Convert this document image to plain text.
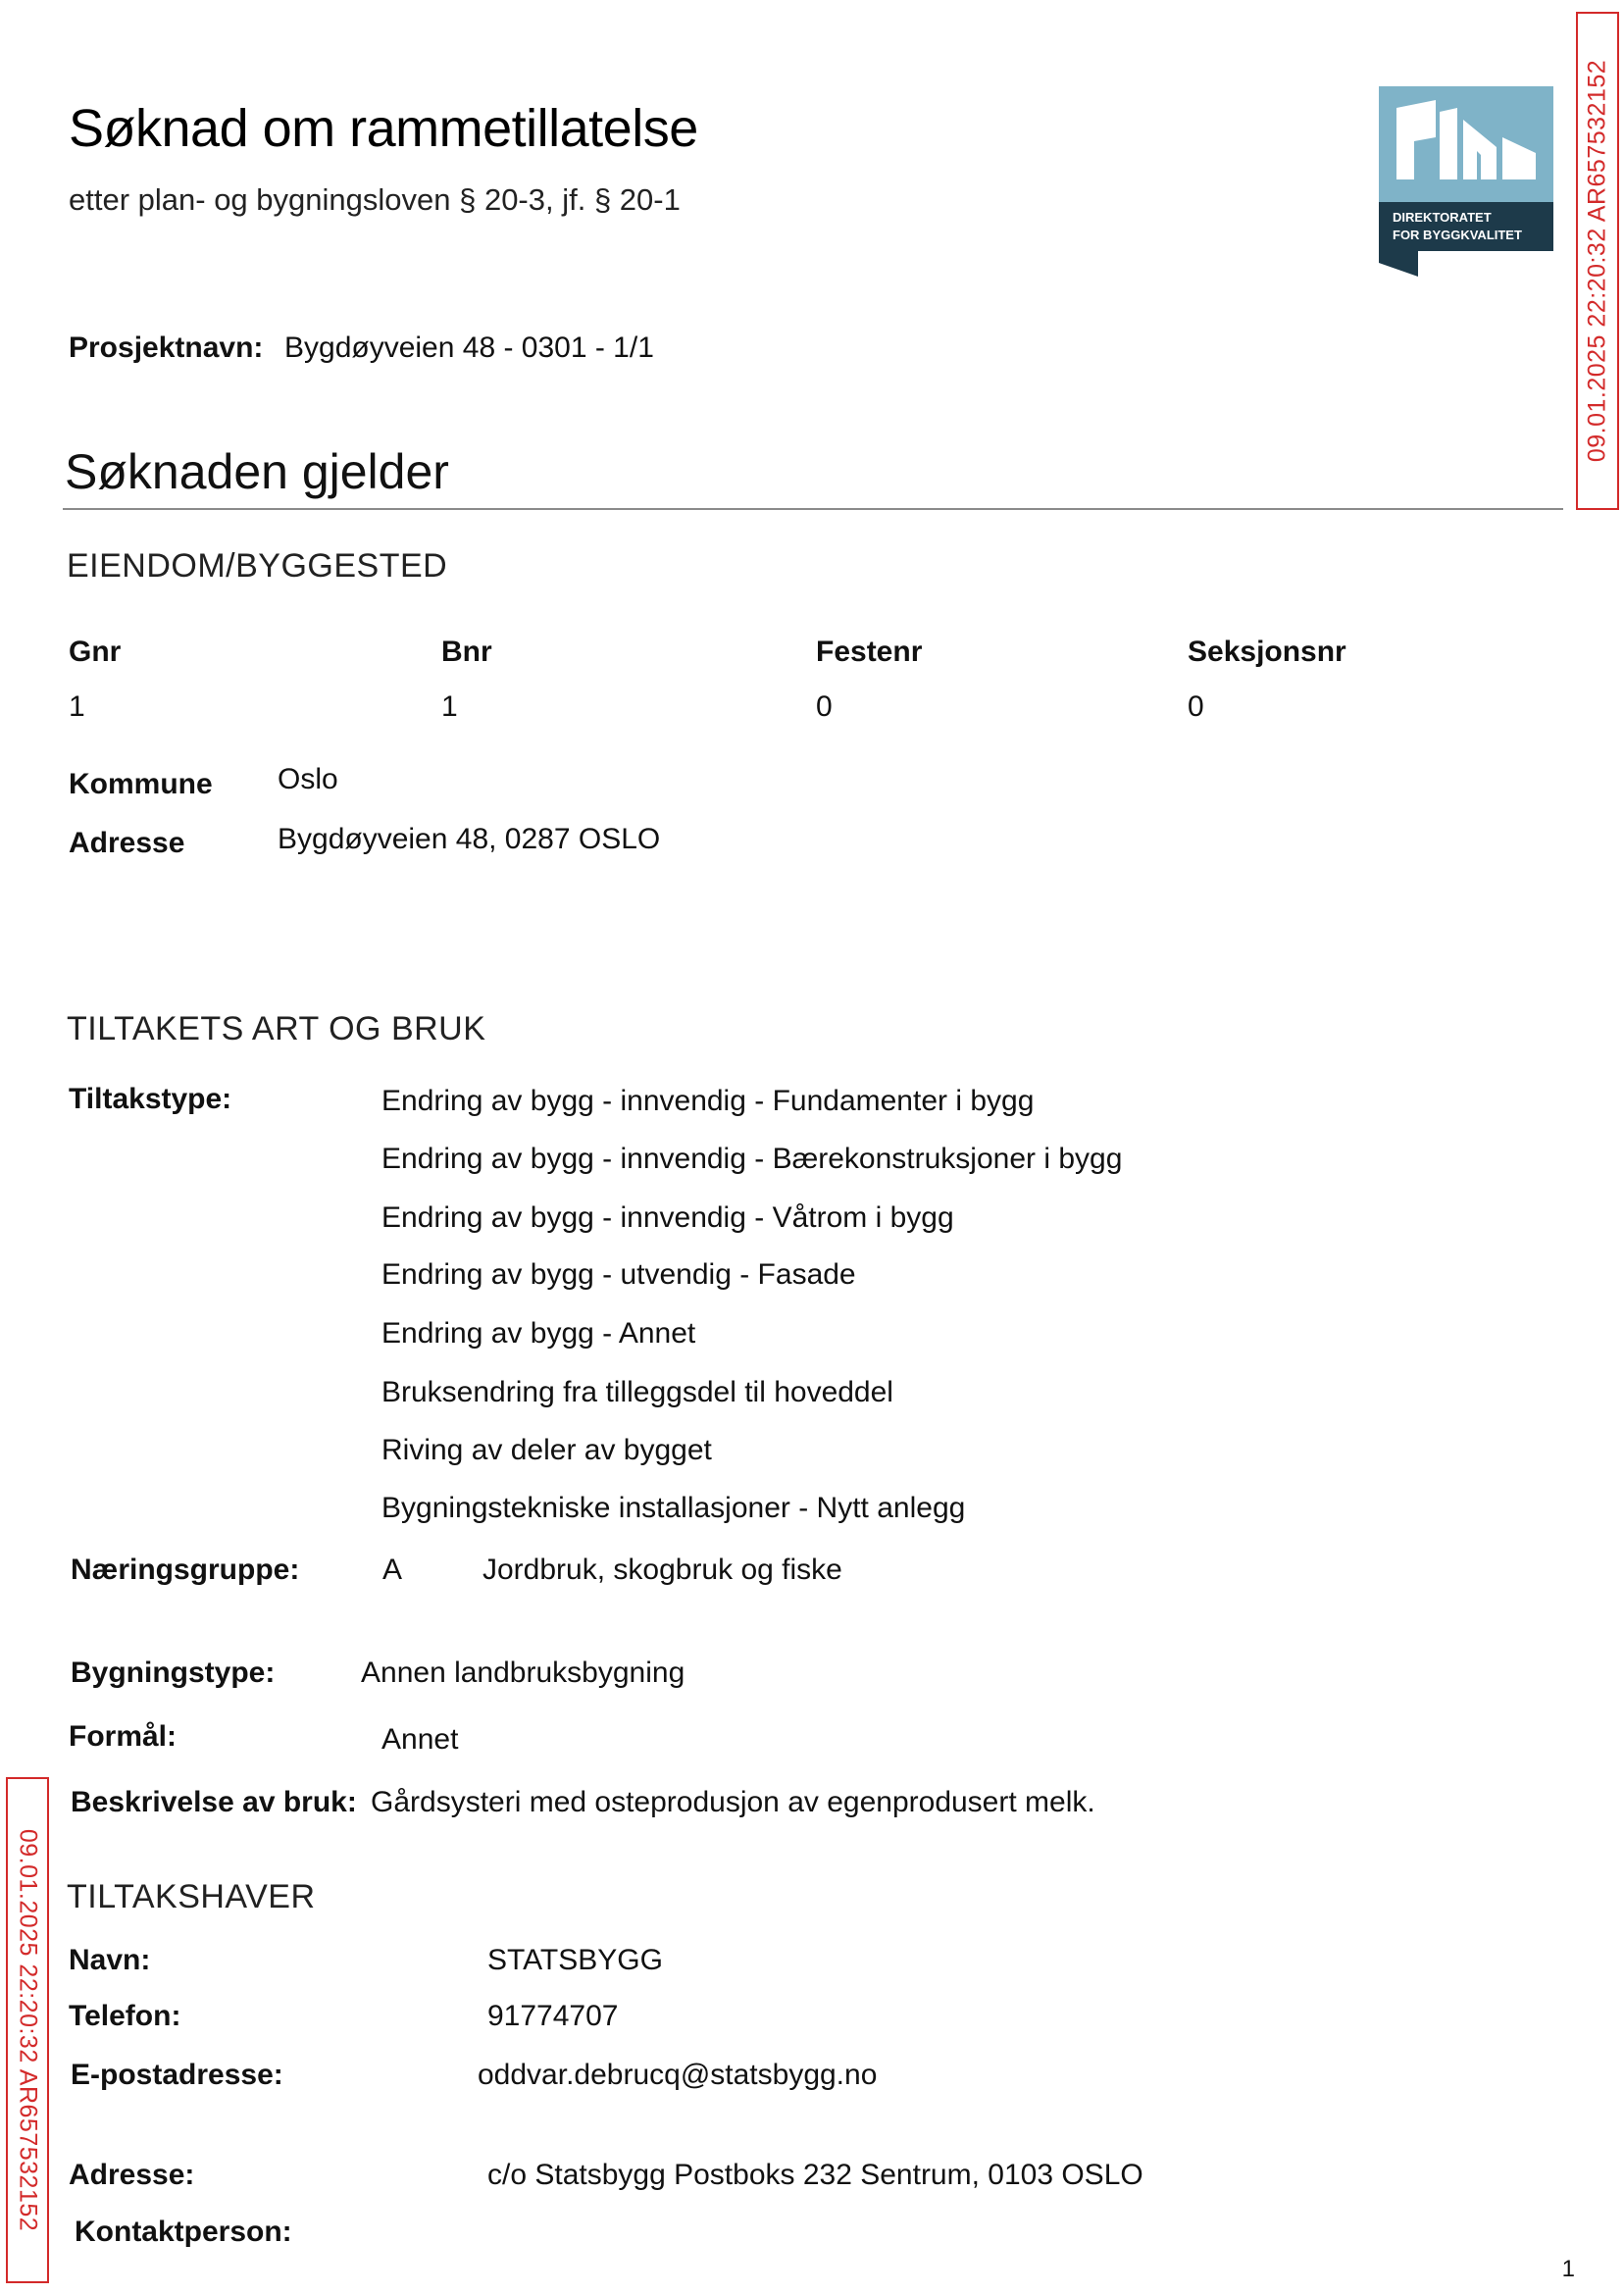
Søknad om rammetillatelse
etter plan- og bygningsloven § 20-3, jf. § 20-1
DIREKTORATET
FOR BYGGKVALITET	09.01.2025 22:20:32 AR657532152
09.01.2025 22:20:32 AR657532152
Prosjektnavn: Bygdøyveien 48 - 0301 - 1/1
Søknaden gjelder
EIENDOM/BYGGESTED
Gnr	Bnr	Festenr	Seksjonsnr
1	1	0	0
Kommune Oslo
Adresse	Bygdøyveien 48, 0287 OSLO
TILTAKETS ART OG BRUK
Tiltakstype:	Endring av bygg - innvendig - Fundamenter i bygg
Endring av bygg - innvendig - Bærekonstruksjoner i bygg
Endring av bygg - innvendig - Våtrom i bygg
Endring av bygg - utvendig - Fasade
Endring av bygg - Annet
Bruksendring fra tilleggsdel til hoveddel
Riving av deler av bygget
Bygningstekniske installasjoner - Nytt anlegg
Næringsgruppe:	A	Jordbruk, skogbruk og fiske
Bygningstype:	Annen landbruksbygning
Formål:	Annet
Beskrivelse av bruk: Gårdsysteri med osteprodusjon av egenprodusert melk.
TILTAKSHAVER
Navn:	STATSBYGG
Telefon:	91774707
E-postadresse:	oddvar.debrucq@statsbygg.no
Adresse:	c/o Statsbygg Postboks 232 Sentrum, 0103 OSLO
Kontaktperson:
1
